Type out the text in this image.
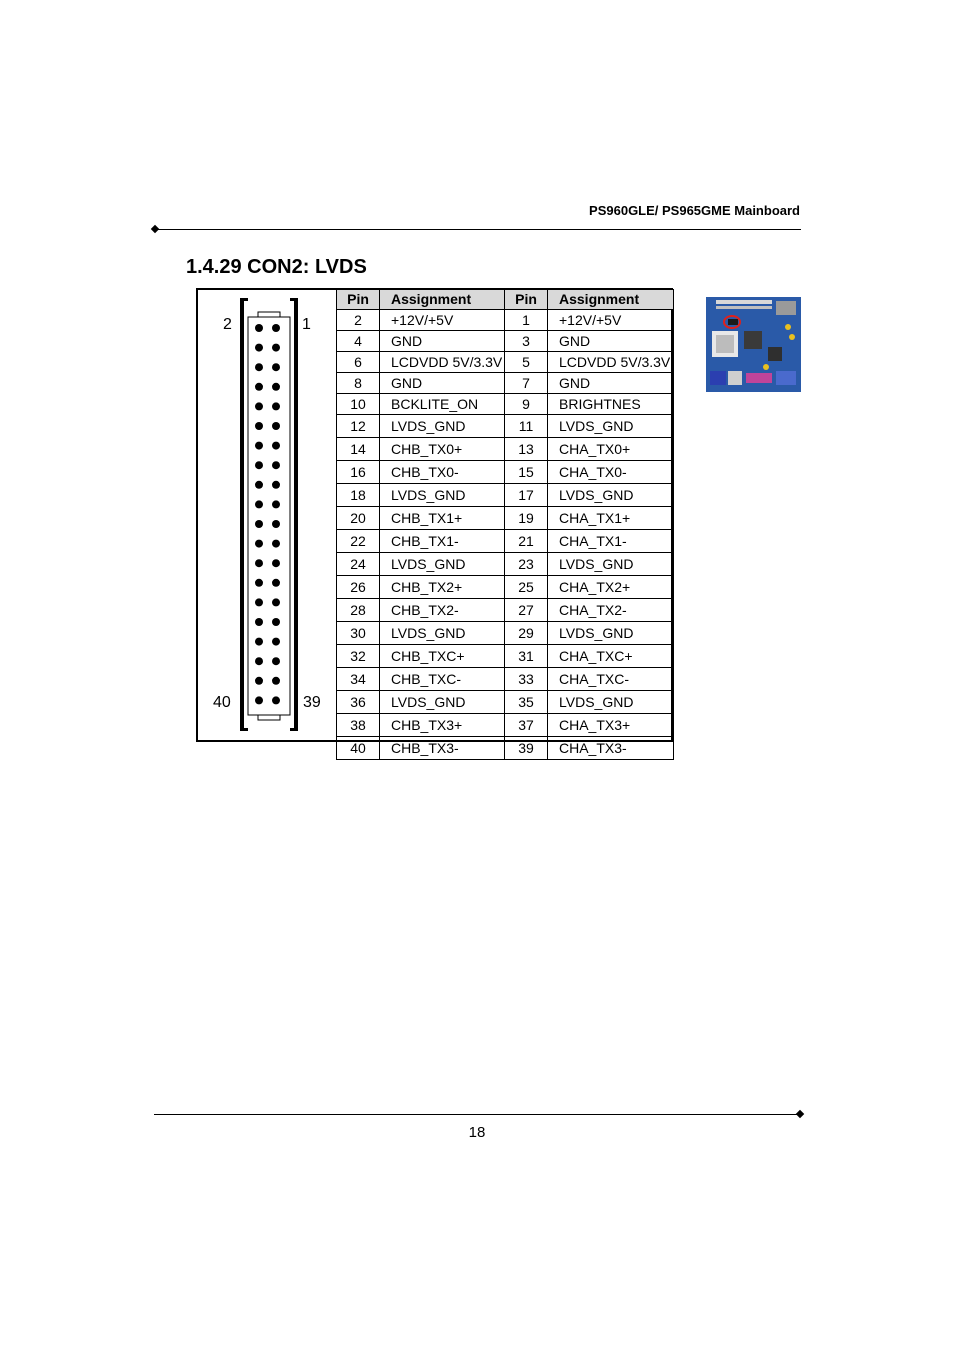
PS960GLE/ PS965GME Mainboard
1.4.29 CON2: LVDS
2	1
40	39
Pin	Assignment	Pin	Assignment
2	+12V/+5V	1	+12V/+5V
4	GND	3	GND
6	LCDVDD 5V/3.3V	5	LCDVDD 5V/3.3V
8	GND	7	GND
10	BCKLITE_ON	9	BRIGHTNES
12	LVDS_GND	11	LVDS_GND
14	CHB_TX0+	13	CHA_TX0+
16	CHB_TX0-	15	CHA_TX0-
18	LVDS_GND	17	LVDS_GND
20	CHB_TX1+	19	CHA_TX1+
22	CHB_TX1-	21	CHA_TX1-
24	LVDS_GND	23	LVDS_GND
26	CHB_TX2+	25	CHA_TX2+
28	CHB_TX2-	27	CHA_TX2-
30	LVDS_GND	29	LVDS_GND
32	CHB_TXC+	31	CHA_TXC+
34	CHB_TXC-	33	CHA_TXC-
36	LVDS_GND	35	LVDS_GND
38	CHB_TX3+	37	CHA_TX3+
40	CHB_TX3-	39	CHA_TX3-
18
